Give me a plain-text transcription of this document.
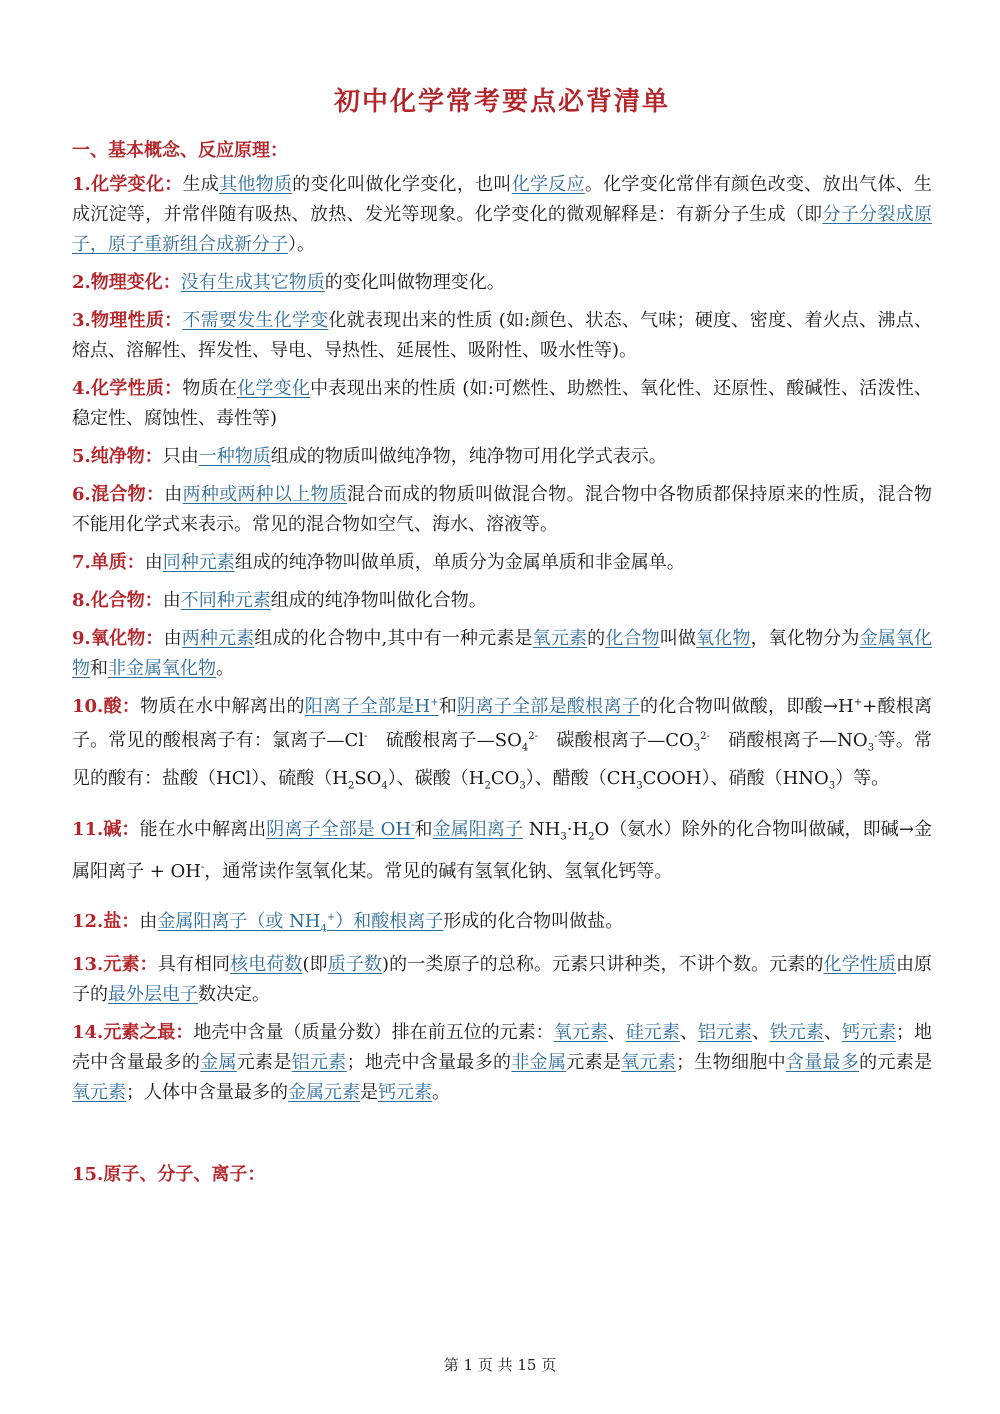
初中化学常考要点必背清单

一、基本概念、反应原理：

1.化学变化：生成其他物质的变化叫做化学变化，也叫化学反应。化学变化常伴有颜色改变、放出气体、生成沉淀等，并常伴随有吸热、放热、发光等现象。化学变化的微观解释是：有新分子生成（即分子分裂成原子，原子重新组合成新分子）。

2.物理变化：没有生成其它物质的变化叫做物理变化。

3.物理性质：不需要发生化学变化就表现出来的性质 (如:颜色、状态、气味；硬度、密度、着火点、沸点、熔点、溶解性、挥发性、导电、导热性、延展性、吸附性、吸水性等)。

4.化学性质：物质在化学变化中表现出来的性质 (如:可燃性、助燃性、氧化性、还原性、酸碱性、活泼性、稳定性、腐蚀性、毒性等)

5.纯净物：只由一种物质组成的物质叫做纯净物，纯净物可用化学式表示。

6.混合物：由两种或两种以上物质混合而成的物质叫做混合物。混合物中各物质都保持原来的性质，混合物不能用化学式来表示。常见的混合物如空气、海水、溶液等。

7.单质：由同种元素组成的纯净物叫做单质，单质分为金属单质和非金属单。

8.化合物：由不同种元素组成的纯净物叫做化合物。

9.氧化物：由两种元素组成的化合物中,其中有一种元素是氧元素的化合物叫做氧化物，氧化物分为金属氧化物和非金属氧化物。

10.酸：物质在水中解离出的阳离子全部是H+和阴离子全部是酸根离子的化合物叫做酸，即酸→H++酸根离子。常见的酸根离子有：氯离子—Cl-　硫酸根离子$—SO_4^{2-}$　碳酸根离子$—CO_3^{2-}$　硝酸根离子$—NO_3^-$等。常见的酸有：盐酸（HCl）、硫酸$(H_2SO_4)$、碳酸$(H_2CO_3)$、醋酸$(CH_3COOH)$、硝酸$(HNO_3)$等。

11.碱：能在水中解离出阴离子全部是 OH-和金属阳离子 $NH_3\cdot H_2O$（氨水）除外的化合物叫做碱，即碱→金属阳离子 + OH-，通常读作氢氧化某。常见的碱有氢氧化钠、氢氧化钙等。

12.盐：由金属阳离子（或 $NH_4^+$）和酸根离子形成的化合物叫做盐。

13.元素：具有相同核电荷数(即质子数)的一类原子的总称。元素只讲种类，不讲个数。元素的化学性质由原子的最外层电子数决定。

14.元素之最：地壳中含量（质量分数）排在前五位的元素：氧元素、硅元素、铝元素、铁元素、钙元素；地壳中含量最多的金属元素是铝元素；地壳中含量最多的非金属元素是氧元素；生物细胞中含量最多的元素是氧元素；人体中含量最多的金属元素是钙元素。

15.原子、分子、离子：

第 1 页 共 15 页
